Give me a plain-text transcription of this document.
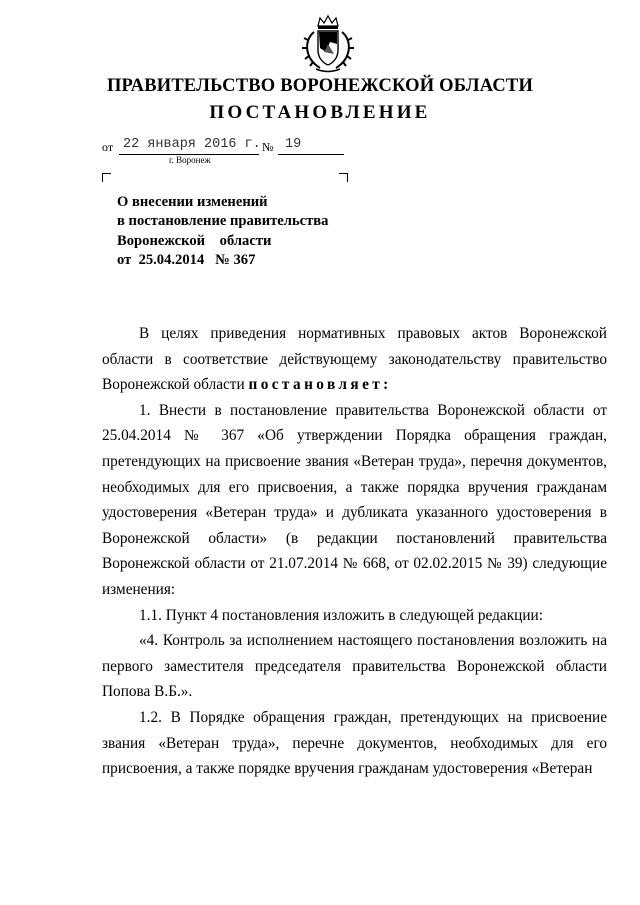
ПРАВИТЕЛЬСТВО ВОРОНЕЖСКОЙ ОБЛАСТИ
ПОСТАНОВЛЕНИЕ
от 22 января 2016 г. № 19
г. Воронеж
О внесении изменений
в постановление правительства
Воронежской    области
от  25.04.2014   № 367

В целях приведения нормативных правовых актов Воронежской области в соответствие действующему законодательству правительство Воронежской области постановляет:

1. Внести в постановление правительства Воронежской области от 25.04.2014 № 367 «Об утверждении Порядка обращения граждан, претендующих на присвоение звания «Ветеран труда», перечня документов, необходимых для его присвоения, а также порядка вручения гражданам удостоверения «Ветеран труда» и дубликата указанного удостоверения в Воронежской области» (в редакции постановлений правительства Воронежской области от 21.07.2014 № 668, от 02.02.2015 № 39) следующие изменения:

1.1. Пункт 4 постановления изложить в следующей редакции:

«4. Контроль за исполнением настоящего постановления возложить на первого заместителя председателя правительства Воронежской области Попова В.Б.».

1.2. В Порядке обращения граждан, претендующих на присвоение звания «Ветеран труда», перечне документов, необходимых для его присвоения, а также порядке вручения гражданам удостоверения «Ветеран
